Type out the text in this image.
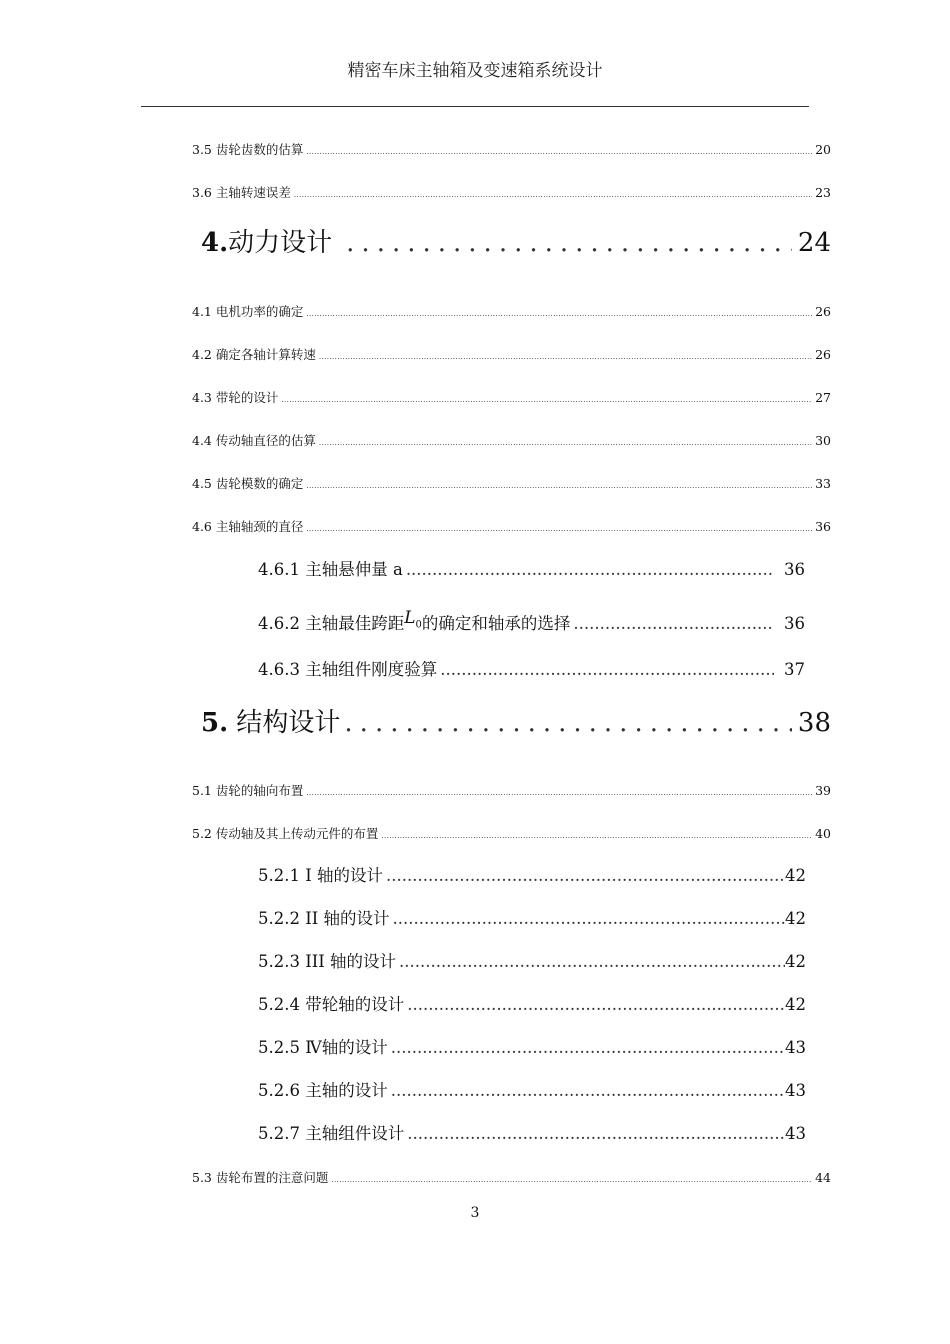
精密车床主轴箱及变速箱系统设计
3.5 齿轮齿数的估算 .....	20
3.6 主轴转速误差 .....	23
4.动力设计 .....	24
4.1 电机功率的确定 .....	26
4.2 确定各轴计算转速 .....	26
4.3 带轮的设计 .....	27
4.4 传动轴直径的估算 .....	30
4.5 齿轮模数的确定 .....	33
4.6 主轴轴颈的直径 .....	36
4.6.1 主轴悬伸量 a .....	36
4.6.2 主轴最佳跨距$L_0$的确定和轴承的选择 .....	36
4.6.3 主轴组件刚度验算 .....	37
5. 结构设计 .....	38
5.1 齿轮的轴向布置 .....	39
5.2 传动轴及其上传动元件的布置 .....	40
5.2.1 I 轴的设计 .....	42
5.2.2 II 轴的设计 .....	42
5.2.3 III 轴的设计 .....	42
5.2.4 带轮轴的设计 .....	42
5.2.5 Ⅳ轴的设计 .....	43
5.2.6 主轴的设计 .....	43
5.2.7 主轴组件设计 .....	43
5.3 齿轮布置的注意问题 .....	44
3
